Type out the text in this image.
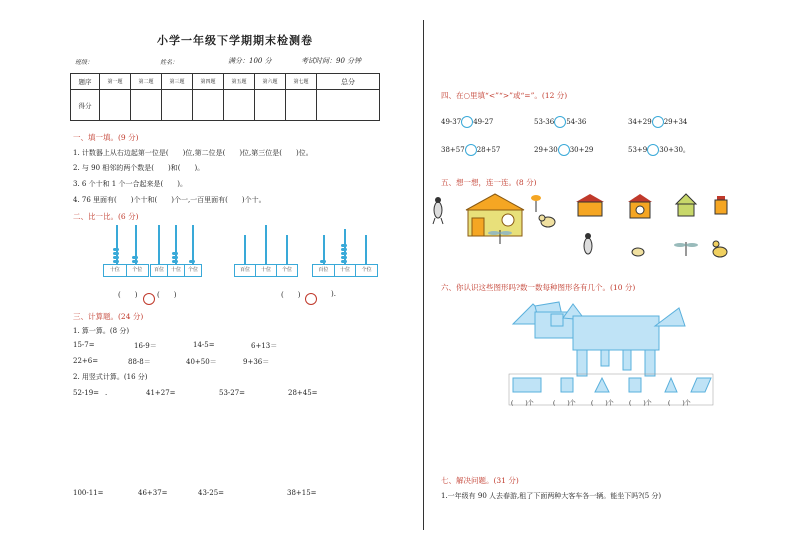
小学一年级下学期期末检测卷
班级：	姓名：	满分：100 分	考试时间：90 分钟
题序	第一题	第二题	第三题	第四题	第五题	第六题	第七题	总分
得分								
一、填一填。(9 分)
1. 计数器上从右边起第一位是(　　)位,第二位是(　　)位,第三位是(　　)位。
2. 与 90 相邻的两个数是(　　)和(　　)。
3. 6 个十和 1 个一合起来是(　　)。
4. 76 里面有(　　)个十和(　　)个一,一百里面有(　　)个十。
二、比一比。(6 分)
十位	个位	百位	十位	个位	百位	十位	个位	百位	十位	个位
(　　)	(　　)	(　　)	).
三、计算题。(24 分)
1. 算一算。(8 分)
15-7=	16-9＝	14-5=	6+13＝
22+6=	88-8＝	40+50＝	9+36＝
2. 用竖式计算。(16 分)
52-19= .	41+27=	53-27=	28+45=
100-11=	46+37=	43-25=	38+15=
四、在○里填“<”“>”或“=”。(12 分)
49-37 49-27	53-36 54-36	34+29 29+34
38+57 28+57	29+30 30+29	53+9 30+30。
五、想一想，连一连。(8 分)
六、你认识这些图形吗?数一数每种图形各有几个。(10 分)
(　　)个	(　　)个	(　　)个	(　　)个	(　　)个
七、解决问题。(31 分)
1.一年级有 90 人去春游,租了下面两种大客车各一辆。能坐下吗?(5 分)
